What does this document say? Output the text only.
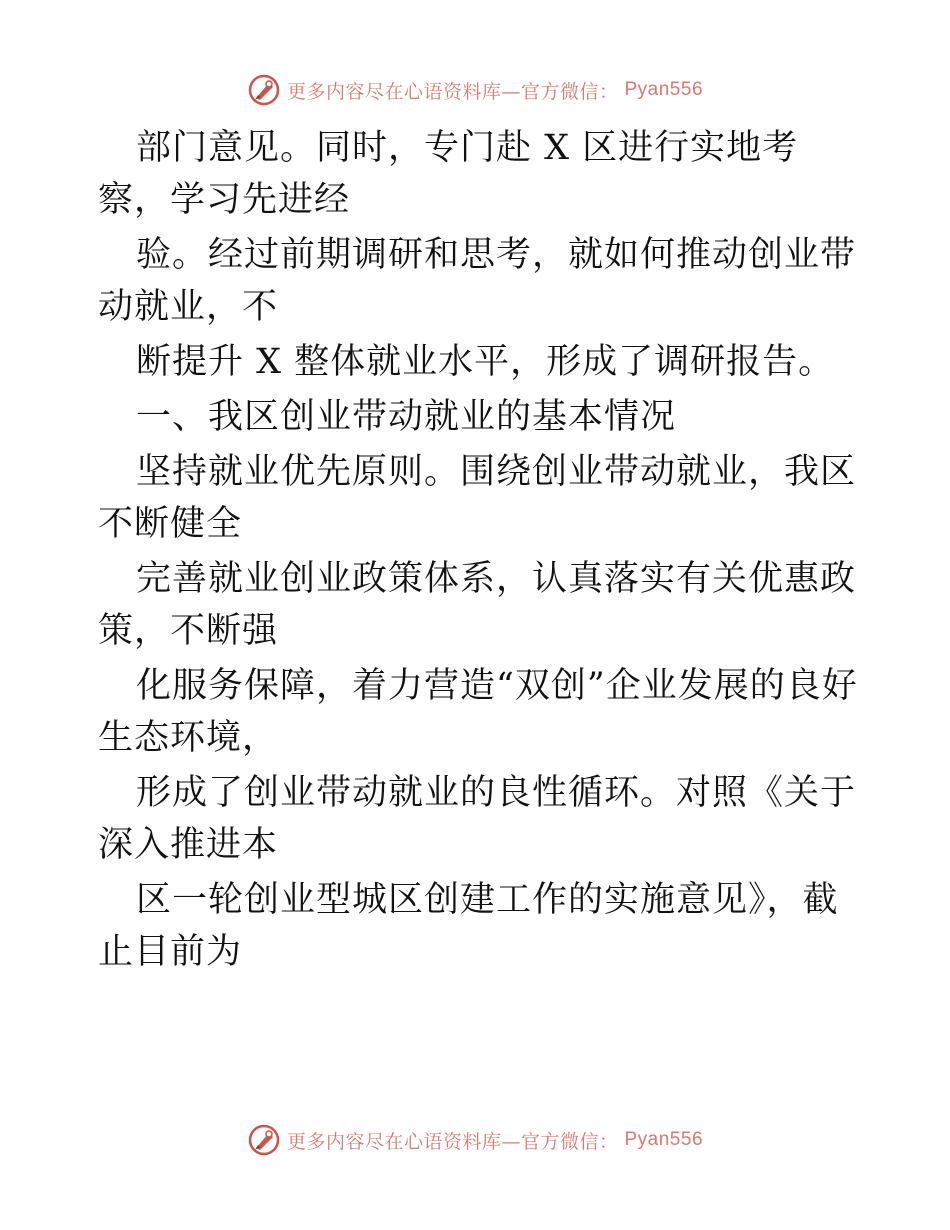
更多内容尽在心语资料库—官方微信： Pyan556

部门意见。同时，专门赴 X 区进行实地考察，学习先进经

验。经过前期调研和思考，就如何推动创业带动就业，不

断提升 X 整体就业水平，形成了调研报告。

一、我区创业带动就业的基本情况

坚持就业优先原则。围绕创业带动就业，我区不断健全

完善就业创业政策体系，认真落实有关优惠政策，不断强

化服务保障，着力营造“双创”企业发展的良好生态环境，

形成了创业带动就业的良性循环。对照《关于深入推进本

区一轮创业型城区创建工作的实施意见》，截止目前为

更多内容尽在心语资料库—官方微信： Pyan556
